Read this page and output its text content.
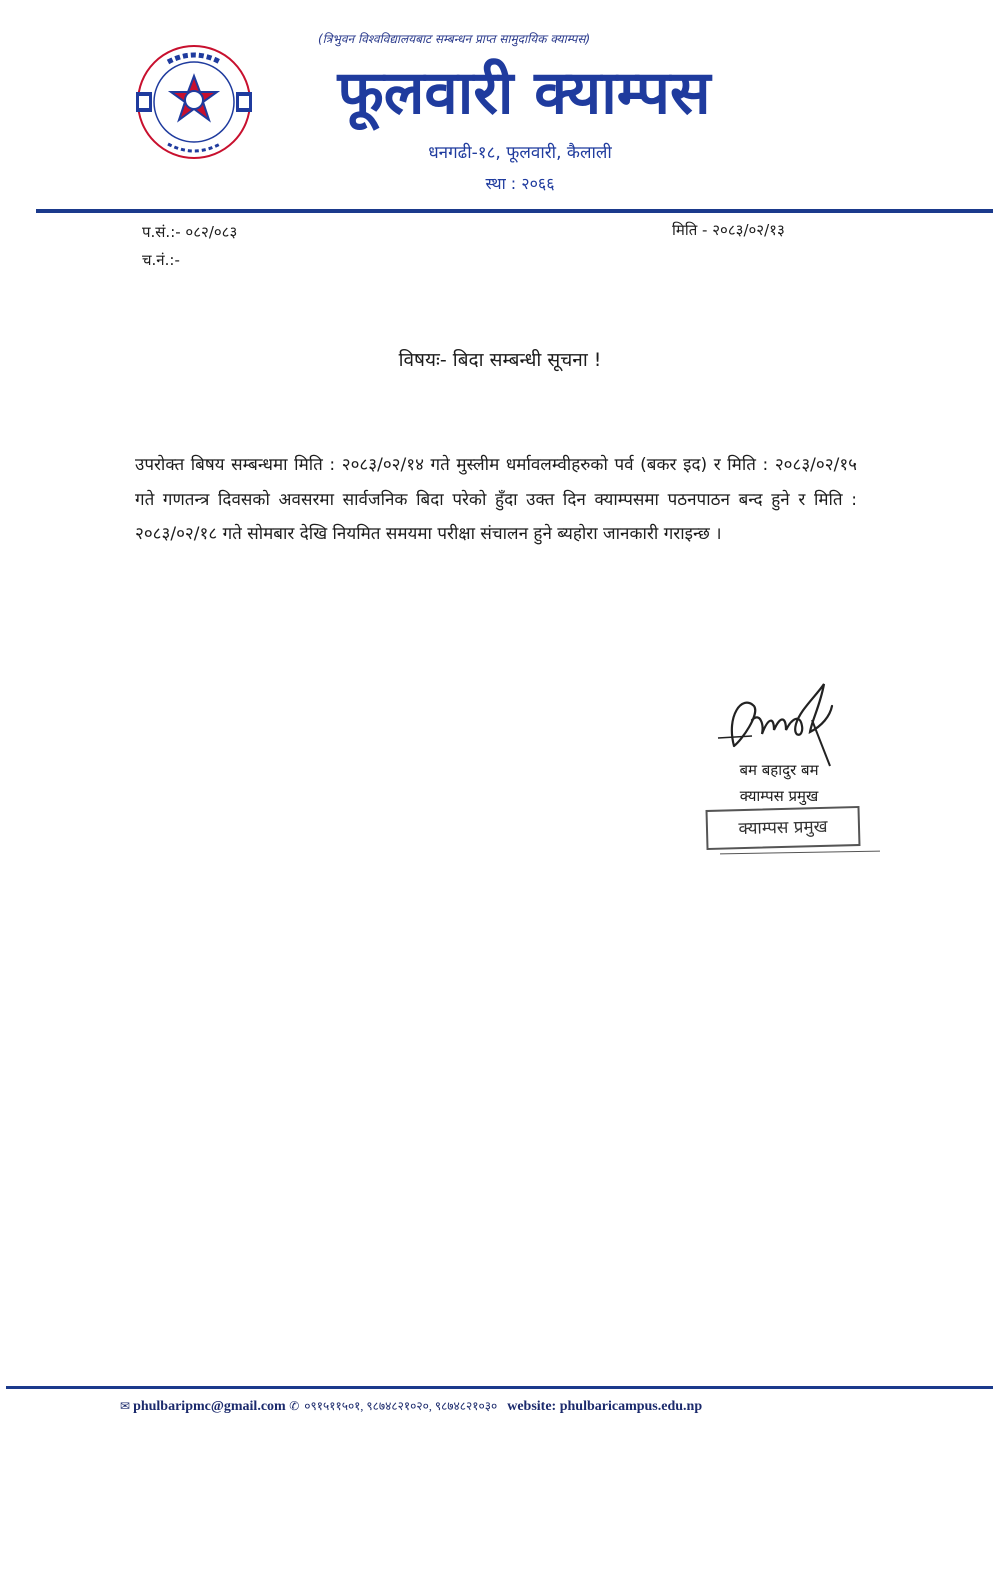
(त्रिभुवन विश्वविद्यालयबाट सम्बन्धन प्राप्त सामुदायिक क्याम्पस)
फूलवारी क्याम्पस
धनगढी-१८, फूलवारी, कैलाली
स्था : २०६६
प.सं.:- ०८२/०८३
च.नं.:-
मिति - २०८३/०२/१३
विषयः- बिदा सम्बन्धी सूचना !
उपरोक्त बिषय सम्बन्धमा मिति : २०८३/०२/१४ गते मुस्लीम धर्मावलम्वीहरुको पर्व (बकर इद) र मिति : २०८३/०२/१५ गते गणतन्त्र दिवसको अवसरमा सार्वजनिक बिदा परेको हुँदा उक्त दिन क्याम्पसमा पठनपाठन बन्द हुने र मिति : २०८३/०२/१८ गते सोमबार देखि नियमित समयमा परीक्षा संचालन हुने ब्यहोरा जानकारी गराइन्छ ।
बम बहादुर बम
क्याम्पस प्रमुख
क्याम्पस प्रमुख
✉ phulbaripmc@gmail.com ✆ ०९१५११५०१, ९८७४८२१०२०, ९८७४८२१०३० website: phulbaricampus.edu.np
